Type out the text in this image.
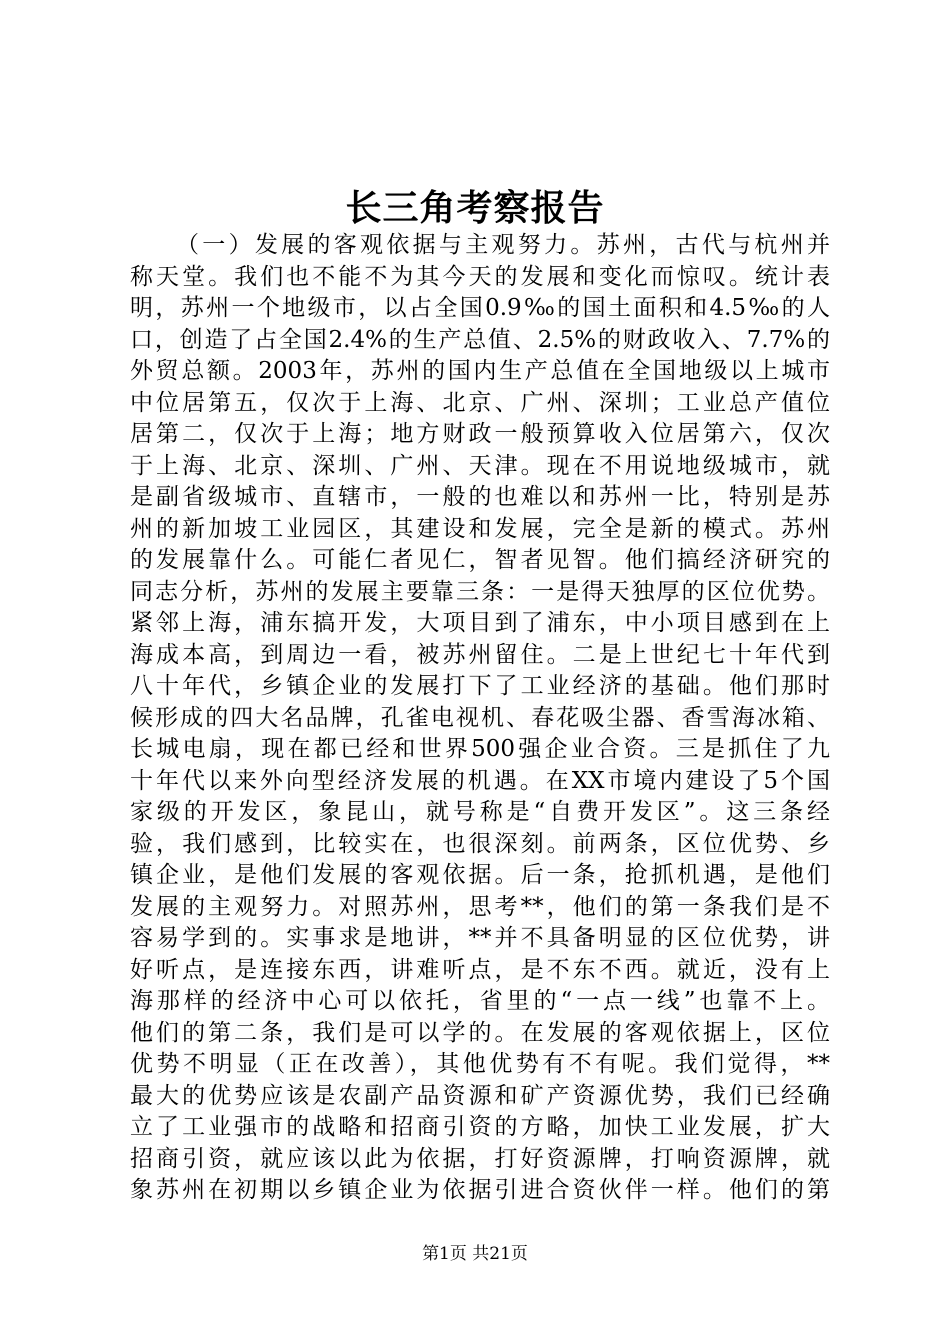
长三角考察报告
（一）发展的客观依据与主观努力。苏州，古代与杭州并
称天堂。我们也不能不为其今天的发展和变化而惊叹。统计表
明，苏州一个地级市，以占全国0.9‰的国土面积和4.5‰的人
口，创造了占全国2.4%的生产总值、2.5%的财政收入、7.7%的
外贸总额。2003年，苏州的国内生产总值在全国地级以上城市
中位居第五，仅次于上海、北京、广州、深圳；工业总产值位
居第二，仅次于上海；地方财政一般预算收入位居第六，仅次
于上海、北京、深圳、广州、天津。现在不用说地级城市，就
是副省级城市、直辖市，一般的也难以和苏州一比，特别是苏
州的新加坡工业园区，其建设和发展，完全是新的模式。苏州
的发展靠什么。可能仁者见仁，智者见智。他们搞经济研究的
同志分析，苏州的发展主要靠三条：一是得天独厚的区位优势。
紧邻上海，浦东搞开发，大项目到了浦东，中小项目感到在上
海成本高，到周边一看，被苏州留住。二是上世纪七十年代到
八十年代，乡镇企业的发展打下了工业经济的基础。他们那时
候形成的四大名品牌，孔雀电视机、春花吸尘器、香雪海冰箱、
长城电扇，现在都已经和世界500强企业合资。三是抓住了九
十年代以来外向型经济发展的机遇。在XX市境内建设了5个国
家级的开发区，象昆山，就号称是“自费开发区”。这三条经
验，我们感到，比较实在，也很深刻。前两条，区位优势、乡
镇企业，是他们发展的客观依据。后一条，抢抓机遇，是他们
发展的主观努力。对照苏州，思考**，他们的第一条我们是不
容易学到的。实事求是地讲，**并不具备明显的区位优势，讲
好听点，是连接东西，讲难听点，是不东不西。就近，没有上
海那样的经济中心可以依托，省里的“一点一线”也靠不上。
他们的第二条，我们是可以学的。在发展的客观依据上，区位
优势不明显（正在改善），其他优势有不有呢。我们觉得，**
最大的优势应该是农副产品资源和矿产资源优势，我们已经确
立了工业强市的战略和招商引资的方略，加快工业发展，扩大
招商引资，就应该以此为依据，打好资源牌，打响资源牌，就
象苏州在初期以乡镇企业为依据引进合资伙伴一样。他们的第
第1页 共21页
